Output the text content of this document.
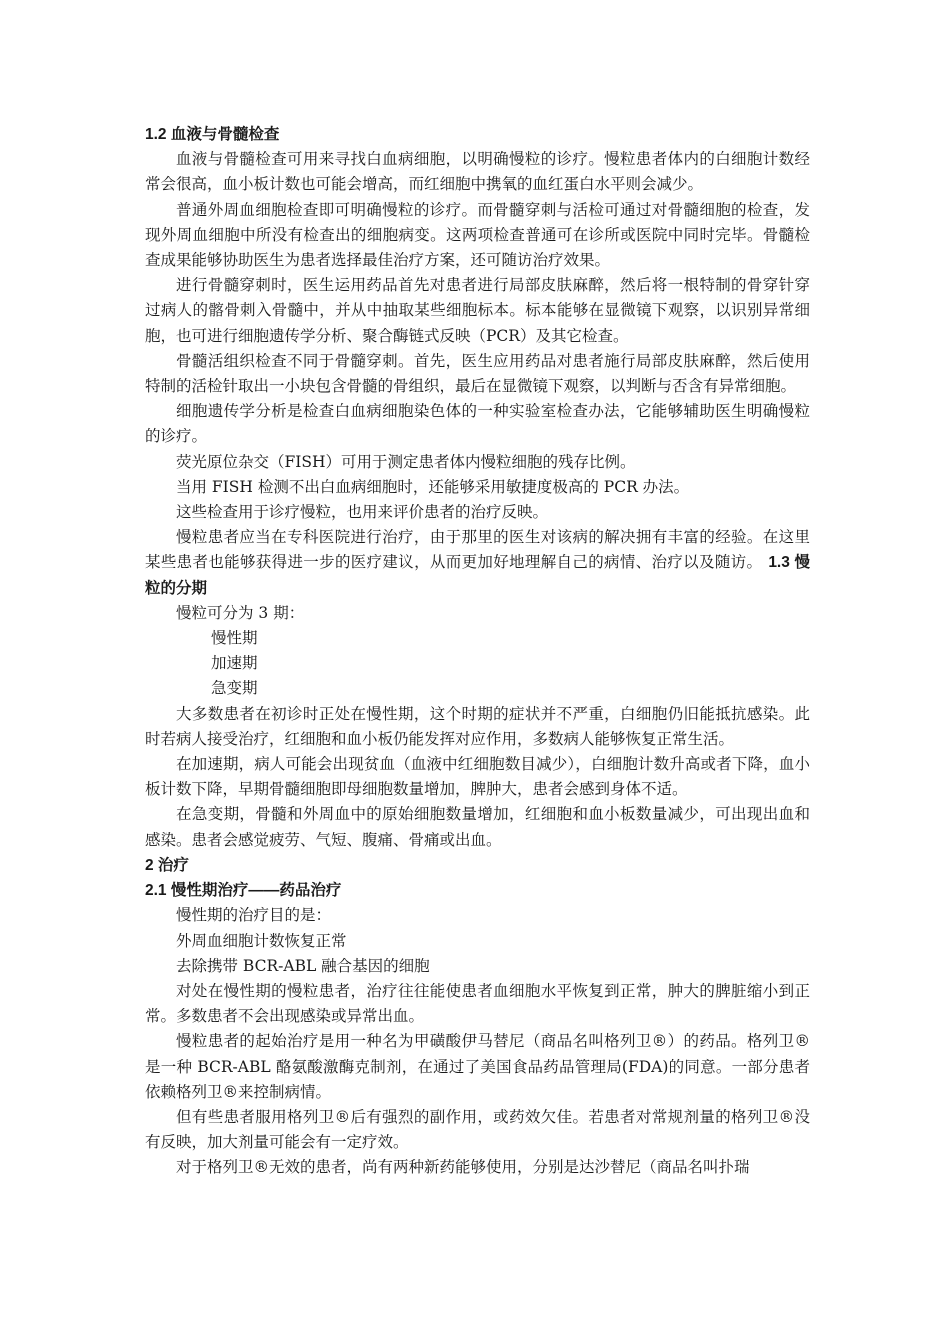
1.2 血液与骨髓检查

血液与骨髓检查可用来寻找白血病细胞，以明确慢粒的诊疗。慢粒患者体内的白细胞计数经常会很高，血小板计数也可能会增高，而红细胞中携氧的血红蛋白水平则会减少。

普通外周血细胞检查即可明确慢粒的诊疗。而骨髓穿刺与活检可通过对骨髓细胞的检查，发现外周血细胞中所没有检查出的细胞病变。这两项检查普通可在诊所或医院中同时完毕。骨髓检查成果能够协助医生为患者选择最佳治疗方案，还可随访治疗效果。

进行骨髓穿刺时，医生运用药品首先对患者进行局部皮肤麻醉，然后将一根特制的骨穿针穿过病人的髂骨刺入骨髓中，并从中抽取某些细胞标本。标本能够在显微镜下观察，以识别异常细胞，也可进行细胞遗传学分析、聚合酶链式反映（PCR）及其它检查。

骨髓活组织检查不同于骨髓穿刺。首先，医生应用药品对患者施行局部皮肤麻醉，然后使用特制的活检针取出一小块包含骨髓的骨组织，最后在显微镜下观察，以判断与否含有异常细胞。

细胞遗传学分析是检查白血病细胞染色体的一种实验室检查办法，它能够辅助医生明确慢粒的诊疗。

荧光原位杂交（FISH）可用于测定患者体内慢粒细胞的残存比例。

当用 FISH 检测不出白血病细胞时，还能够采用敏捷度极高的 PCR 办法。

这些检查用于诊疗慢粒，也用来评价患者的治疗反映。

慢粒患者应当在专科医院进行治疗，由于那里的医生对该病的解决拥有丰富的经验。在这里某些患者也能够获得进一步的医疗建议，从而更加好地理解自己的病情、治疗以及随访。 1.3 慢粒的分期

慢粒可分为 3 期：

慢性期

加速期

急变期

大多数患者在初诊时正处在慢性期，这个时期的症状并不严重，白细胞仍旧能抵抗感染。此时若病人接受治疗，红细胞和血小板仍能发挥对应作用，多数病人能够恢复正常生活。

在加速期，病人可能会出现贫血（血液中红细胞数目减少），白细胞计数升高或者下降，血小板计数下降，早期骨髓细胞即母细胞数量增加，脾肿大，患者会感到身体不适。

在急变期，骨髓和外周血中的原始细胞数量增加，红细胞和血小板数量减少，可出现出血和感染。患者会感觉疲劳、气短、腹痛、骨痛或出血。

2 治疗

2.1 慢性期治疗——药品治疗

慢性期的治疗目的是：

外周血细胞计数恢复正常

去除携带 BCR-ABL 融合基因的细胞

对处在慢性期的慢粒患者，治疗往往能使患者血细胞水平恢复到正常，肿大的脾脏缩小到正常。多数患者不会出现感染或异常出血。

慢粒患者的起始治疗是用一种名为甲磺酸伊马替尼（商品名叫格列卫®）的药品。格列卫®是一种 BCR-ABL 酪氨酸激酶克制剂，在通过了美国食品药品管理局(FDA)的同意。一部分患者依赖格列卫®来控制病情。

但有些患者服用格列卫®后有强烈的副作用，或药效欠佳。若患者对常规剂量的格列卫®没有反映，加大剂量可能会有一定疗效。

对于格列卫®无效的患者，尚有两种新药能够使用，分别是达沙替尼（商品名叫扑瑞
